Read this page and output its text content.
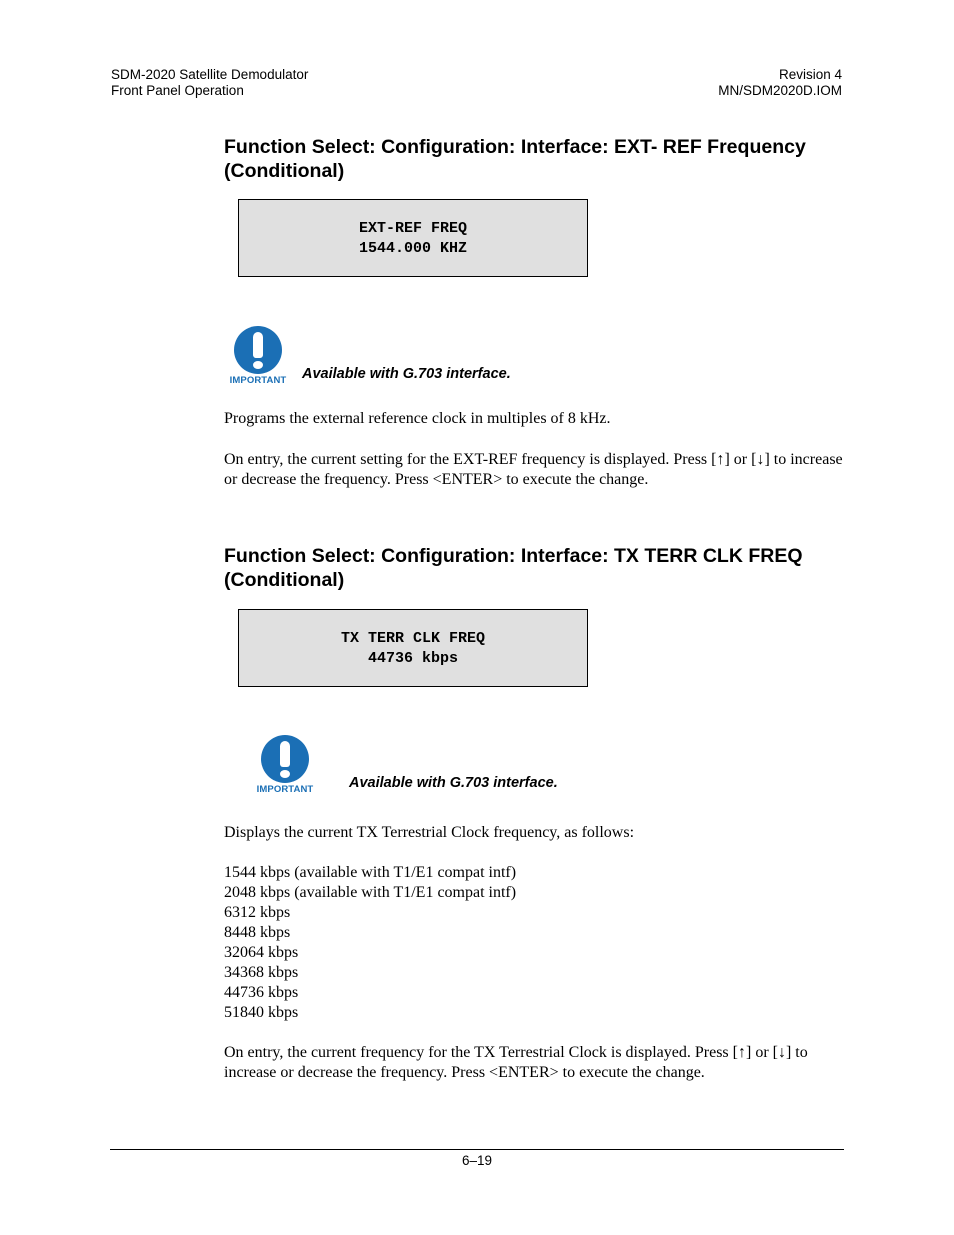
SDM-2020 Satellite Demodulator
Front Panel Operation
Revision 4
MN/SDM2020D.IOM
Function Select: Configuration: Interface: EXT- REF Frequency
(Conditional)
EXT-REF FREQ
1544.000 KHZ
IMPORTANT Available with G.703 interface.
Programs the external reference clock in multiples of 8 kHz.
On entry, the current setting for the EXT-REF frequency is displayed. Press [↑] or [↓] to increase or decrease the frequency. Press <ENTER> to execute the change.
Function Select: Configuration: Interface: TX TERR CLK FREQ
(Conditional)
TX TERR CLK FREQ
44736 kbps
IMPORTANT Available with G.703 interface.
Displays the current TX Terrestrial Clock frequency, as follows:
1544 kbps (available with T1/E1 compat intf)
2048 kbps (available with T1/E1 compat intf)
6312 kbps
8448 kbps
32064 kbps
34368 kbps
44736 kbps
51840 kbps
On entry, the current frequency for the TX Terrestrial Clock is displayed. Press [↑] or [↓] to increase or decrease the frequency. Press <ENTER> to execute the change.
6–19
